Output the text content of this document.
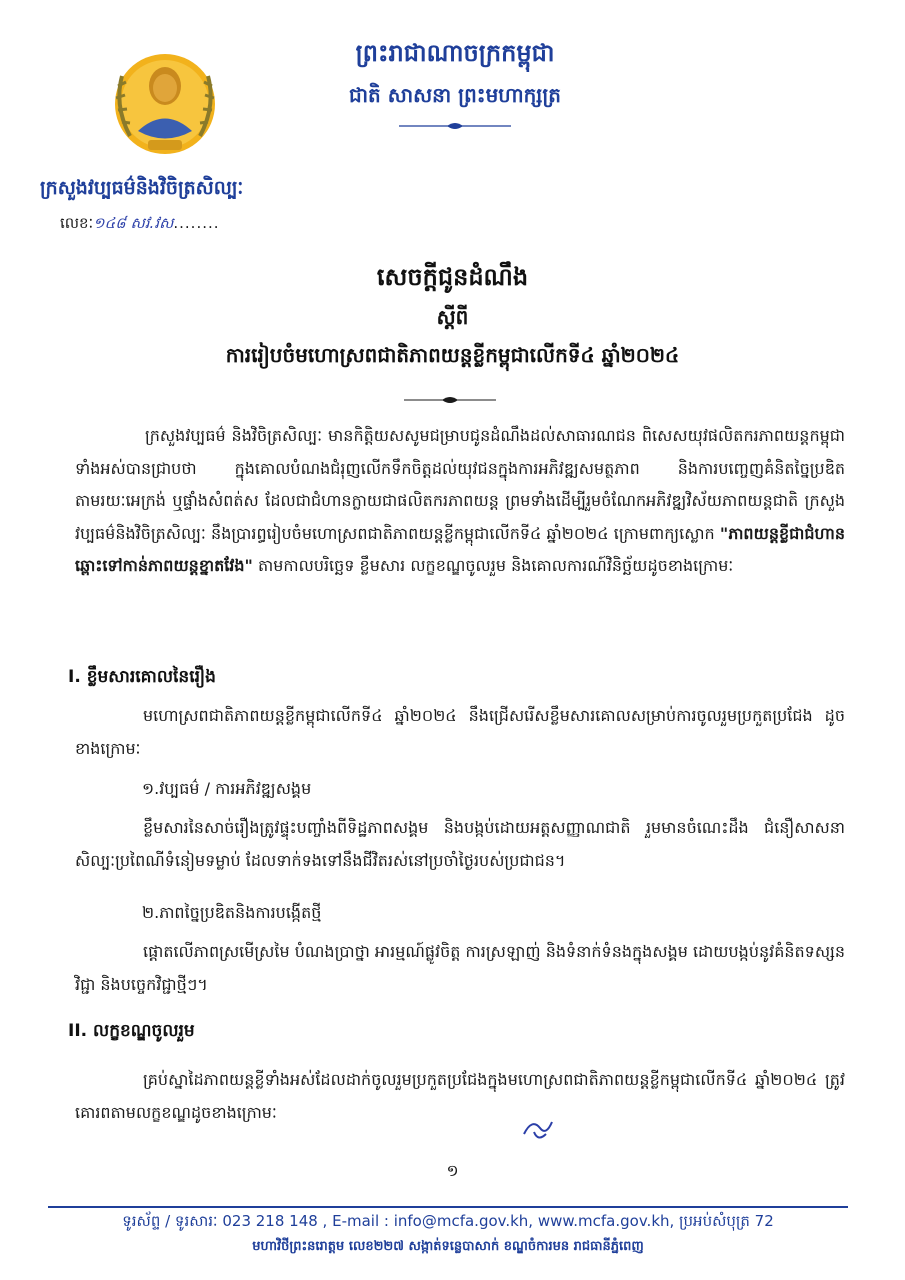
ក្រសួងវប្បធម៌និងវិចិត្រសិល្បៈ
លេខៈ១៤៨ សវ.វស........
ព្រះរាជាណាចក្រកម្ពុជា
ជាតិ សាសនា ព្រះមហាក្សត្រ
សេចក្តីជូនដំណឹង
ស្តីពី
ការរៀបចំមហោស្រពជាតិភាពយន្តខ្លីកម្ពុជាលើកទី៤ ឆ្នាំ២០២៤
ក្រសួងវប្បធម៌ និងវិចិត្រសិល្បៈ មានកិត្តិយសសូមជម្រាបជូនដំណឹងដល់សាធារណជន ពិសេសយុវផលិតករភាពយន្តកម្ពុជាទាំងអស់បានជ្រាបថា ក្នុងគោលបំណងជំរុញលើកទឹកចិត្តដល់យុវជនក្នុងការអភិវឌ្ឍសមត្ថភាព និងការបញ្ចេញគំនិតច្នៃប្រឌិត តាមរយៈអេក្រង់ ឬផ្ទាំងសំពត់ស ដែលជាជំហានក្លាយជាផលិតករភាពយន្ត ព្រមទាំងដើម្បីរួមចំណែកអភិវឌ្ឍវិស័យភាពយន្តជាតិ ក្រសួងវប្បធម៌និងវិចិត្រសិល្បៈ នឹងប្រារព្ធរៀបចំមហោស្រពជាតិភាពយន្តខ្លីកម្ពុជាលើកទី៤ ឆ្នាំ២០២៤ ក្រោមពាក្យស្លោក "ភាពយន្តខ្លីជាជំហានឆ្ពោះទៅកាន់ភាពយន្តខ្នាតវែង" តាមកាលបរិច្ឆេទ ខ្លឹមសារ លក្ខខណ្ឌចូលរួម និងគោលការណ៍វិនិច្ឆ័យដូចខាងក្រោមៈ
I. ខ្លឹមសារគោលនៃរឿង
មហោស្រពជាតិភាពយន្តខ្លីកម្ពុជាលើកទី៤ ឆ្នាំ២០២៤ នឹងជ្រើសរើសខ្លឹមសារគោលសម្រាប់ការចូលរួមប្រកួតប្រជែង ដូចខាងក្រោមៈ
១.វប្បធម៌ / ការអភិវឌ្ឍសង្គម
ខ្លឹមសារនៃសាច់រឿងត្រូវផ្ទុះបញ្ចាំងពីទិដ្ឋភាពសង្គម និងបង្កប់ដោយអត្តសញ្ញាណជាតិ រួមមានចំណេះដឹង ជំនឿសាសនា សិល្បៈប្រពៃណីទំនៀមទម្លាប់ ដែលទាក់ទងទៅនឹងជីវិតរស់នៅប្រចាំថ្ងៃរបស់ប្រជាជន។
២.ភាពច្នៃប្រឌិតនិងការបង្កើតថ្មី
ផ្តោតលើភាពស្រមើស្រមៃ បំណងប្រាថ្នា អារម្មណ៍ផ្លូវចិត្ត ការស្រឡាញ់ និងទំនាក់ទំនងក្នុងសង្គម ដោយបង្កប់នូវគំនិតទស្សនវិជ្ជា និងបច្ចេកវិជ្ជាថ្មីៗ។
II. លក្ខខណ្ឌចូលរួម
គ្រប់ស្នាដៃភាពយន្តខ្លីទាំងអស់ដែលដាក់ចូលរួមប្រកួតប្រជែងក្នុងមហោស្រពជាតិភាពយន្តខ្លីកម្ពុជាលើកទី៤ ឆ្នាំ២០២៤ ត្រូវគោរពតាមលក្ខខណ្ឌដូចខាងក្រោមៈ
១
ទូរស័ព្ទ / ទូរសារៈ 023 218 148 , E-mail : info@mcfa.gov.kh, www.mcfa.gov.kh, ប្រអប់សំបុត្រ 72
មហាវិថីព្រះនរោត្តម លេខ២២៧ សង្កាត់ទន្លេបាសាក់ ខណ្ឌចំការមន រាជធានីភ្នំពេញ
